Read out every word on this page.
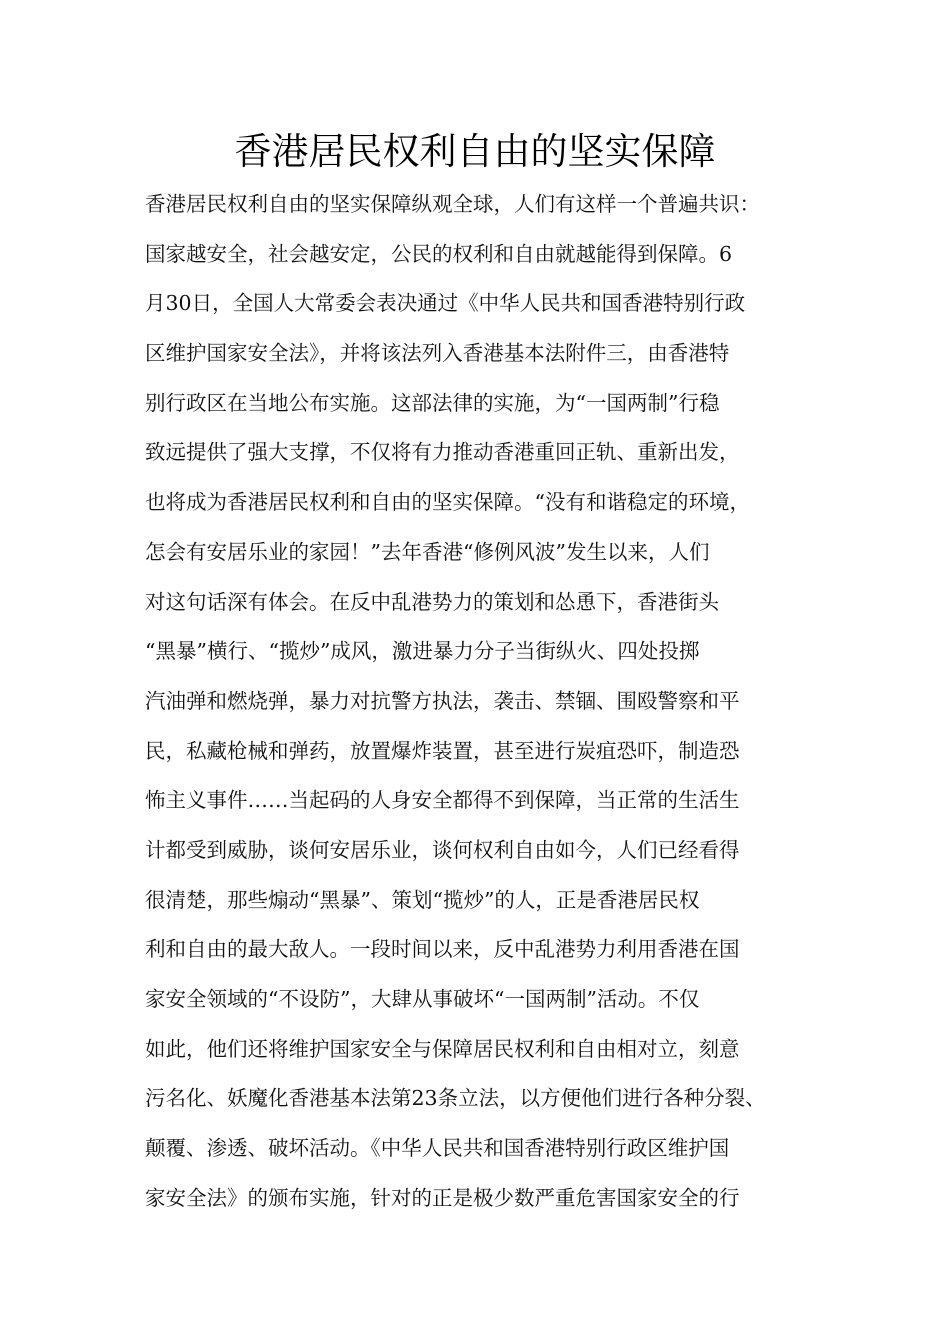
香港居民权利自由的坚实保障
香港居民权利自由的坚实保障纵观全球，人们有这样一个普遍共识：
国家越安全，社会越安定，公民的权利和自由就越能得到保障。6
月30日，全国人大常委会表决通过《中华人民共和国香港特别行政
区维护国家安全法》，并将该法列入香港基本法附件三，由香港特
别行政区在当地公布实施。这部法律的实施，为“一国两制”行稳
致远提供了强大支撑，不仅将有力推动香港重回正轨、重新出发，
也将成为香港居民权利和自由的坚实保障。“没有和谐稳定的环境，
怎会有安居乐业的家园！”去年香港“修例风波”发生以来，人们
对这句话深有体会。在反中乱港势力的策划和怂恿下，香港街头
“黑暴”横行、“揽炒”成风，激进暴力分子当街纵火、四处投掷
汽油弹和燃烧弹，暴力对抗警方执法，袭击、禁锢、围殴警察和平
民，私藏枪械和弹药，放置爆炸装置，甚至进行炭疽恐吓，制造恐
怖主义事件……当起码的人身安全都得不到保障，当正常的生活生
计都受到威胁，谈何安居乐业，谈何权利自由如今，人们已经看得
很清楚，那些煽动“黑暴”、策划“揽炒”的人，正是香港居民权
利和自由的最大敌人。一段时间以来，反中乱港势力利用香港在国
家安全领域的“不设防”，大肆从事破坏“一国两制”活动。不仅
如此，他们还将维护国家安全与保障居民权利和自由相对立，刻意
污名化、妖魔化香港基本法第23条立法，以方便他们进行各种分裂、
颠覆、渗透、破坏活动。《中华人民共和国香港特别行政区维护国
家安全法》的颁布实施，针对的正是极少数严重危害国家安全的行
